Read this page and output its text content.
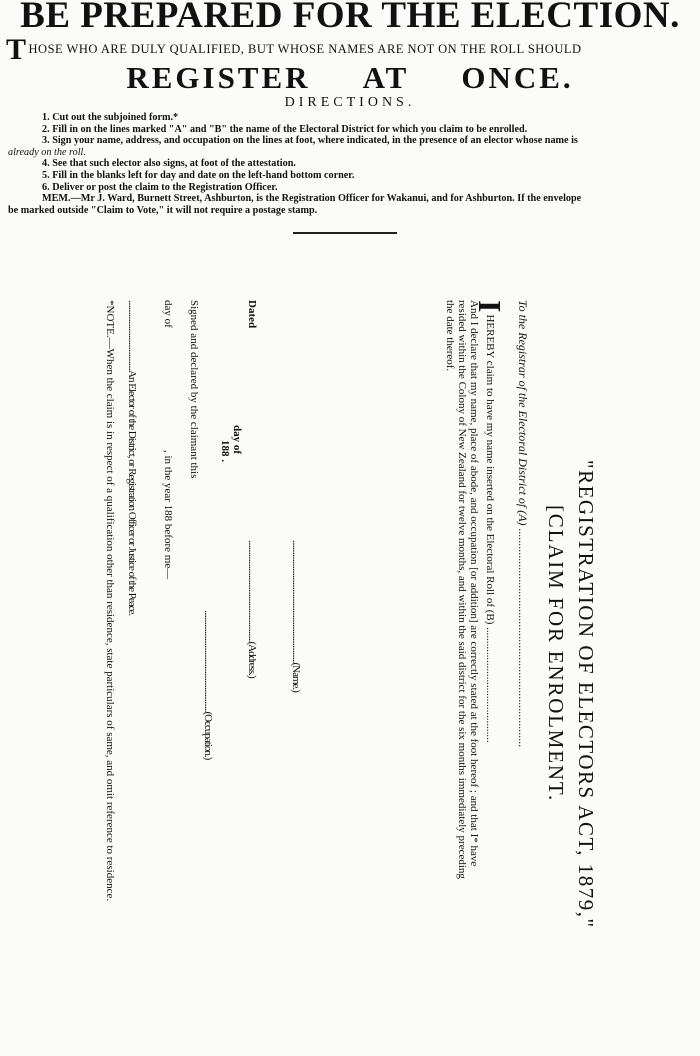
BE PREPARED FOR THE ELECTION.
THOSE WHO ARE DULY QUALIFIED, BUT WHOSE NAMES ARE NOT ON THE ROLL SHOULD
REGISTER AT ONCE.
DIRECTIONS.
1. Cut out the subjoined form.*
2. Fill in on the lines marked "A" and "B" the name of the Electoral District for which you claim to be enrolled.
3. Sign your name, address, and occupation on the lines at foot, where indicated, in the presence of an elector whose name is
already on the roll.
4. See that such elector also signs, at foot of the attestation.
5. Fill in the blanks left for day and date on the left-hand bottom corner.
6. Deliver or post the claim to the Registration Officer.
MEM.—Mr J. Ward, Burnett Street, Ashburton, is the Registration Officer for Wakanui, and for Ashburton. If the envelope
be marked outside "Claim to Vote," it will not require a postage stamp.
"REGISTRATION OF ELECTORS ACT, 1879,"
[CLAIM FOR ENROLMENT.
To the Registrar of the Electoral District of (A) .........................................................................
IHEREBY claim to have my name inserted on the Electoral Roll of (B) ..........................................
And I declare that my name, place of abode, and occupation [or addition] are correctly stated at the foot hereof ; and that I* have
resided within the Colony of New Zealand for twelve months, and within the said district for the six months immediately preceding
the date thereof.
......................................................................(Name.)
Dated
..........................................................(Address.)
day of
188 .
..........................................................(Occupation.)
Signed and declared by the claimant this
day of
, in the year 188 before me—
........................................An Elector of the District, or Registration Officer or Justice of the Peace.
*NOTE.—When the claim is in respect of a qualification other than residence, state particulars of same, and omit reference to residence.
